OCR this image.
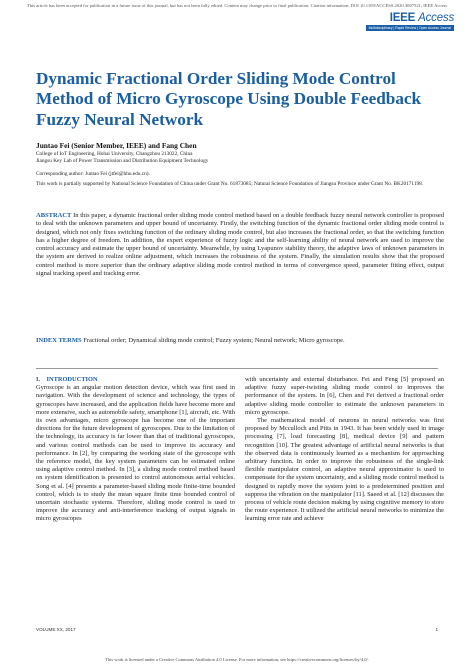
This article has been accepted for publication in a future issue of this journal, but has not been fully edited. Content may change prior to final publication. Citation information: DOI 10.1109/ACCESS.2020.3007521, IEEE Access
IEEE Access
Multidisciplinary | Rapid Review | Open Access Journal
Dynamic Fractional Order Sliding Mode Control Method of Micro Gyroscope Using Double Feedback Fuzzy Neural Network

Juntao Fei (Senior Member, IEEE) and Fang Chen

College of IoT Engineering, Hohai University, Changzhou 213022, China
Jiangsu Key Lab of Power Transmission and Distribution Equipment Technology
Corresponding author: Juntao Fei (jtfei@hhu.edu.cn).
This work is partially supported by National Science Foundation of China under Grant No. 61873085; Natural Science Foundation of Jiangsu Province under Grant No. BK20171198.

ABSTRACT In this paper, a dynamic fractional order sliding mode control method based on a double feedback fuzzy neural network controller is proposed to deal with the unknown parameters and upper bound of uncertainty. Firstly, the switching function of the dynamic fractional order sliding mode control is designed, which not only fixes switching function of the ordinary sliding mode control, but also increases the fractional order, so that the switching function has a higher degree of freedom. In addition, the expert experience of fuzzy logic and the self-learning ability of neural network are used to improve the control accuracy and estimate the upper bound of uncertainty. Meanwhile, by using Lyapunov stability theory, the adaptive laws of unknown parameters in the system are derived to realize online adjustment, which increases the robustness of the system. Finally, the simulation results show that the proposed control method is more superior than the ordinary adaptive sliding mode control method in terms of convergence speed, parameter fitting effect, output signal tracking speed and tracking error.

INDEX TERMS Fractional order; Dynamical sliding mode control; Fuzzy system; Neural network; Micro gyroscope.

I. INTRODUCTION

Gyroscope is an angular motion detection device, which was first used in navigation. With the development of science and technology, the types of gyroscopes have increased, and the application fields have become more and more extensive, such as automobile safety, smartphone [1], aircraft, etc. With its own advantages, micro gyroscope has become one of the important directions for the future development of gyroscopes. Due to the limitation of the technology, its accuracy is far lower than that of traditional gyroscopes, and various control methods can be used to improve its accuracy and performance. In [2], by comparing the working state of the gyroscope with the reference model, the key system parameters can be estimated online using adaptive control method. In [3], a sliding mode control method based on system identification is presented to control autonomous aerial vehicles. Song et al. [4] presents a parameter-based sliding mode finite-time bounded control, which is to study the mean square finite time bounded control of uncertain stochastic systems. Therefore, sliding mode control is used to improve the accuracy and anti-interference tracking of output signals in micro gyroscopes

with uncertainty and external disturbance. Fei and Feng [5] proposed an adaptive fuzzy super-twisting sliding mode control to improves the performance of the system. In [6], Chen and Fei derived a fractional order adaptive sliding mode controller to estimate the unknown parameters in micro gyroscope.

The mathematical model of neurons in neural networks was first proposed by Mcculloch and Pitts in 1943. It has been widely used in image processing [7], load forecasting [8], medical device [9] and pattern recognition [10]. The greatest advantage of artificial neural networks is that the observed data is continuously learned as a mechanism for approaching arbitrary function. In order to improve the robustness of the single-link flexible manipulator control, an adaptive neural approximator is used to compensate for the system uncertainty, and a sliding mode control method is designed to rapidly move the system joint to a predetermined position and suppress the vibration on the manipulator [11]. Saeed et al. [12] discusses the process of vehicle route decision making by using cognitive memory to store the route experience. It utilized the artificial neural networks to minimize the learning error rate and achieve

VOLUME XX, 2017	1
This work is licensed under a Creative Commons Attribution 4.0 License. For more information, see https://creativecommons.org/licenses/by/4.0/.
